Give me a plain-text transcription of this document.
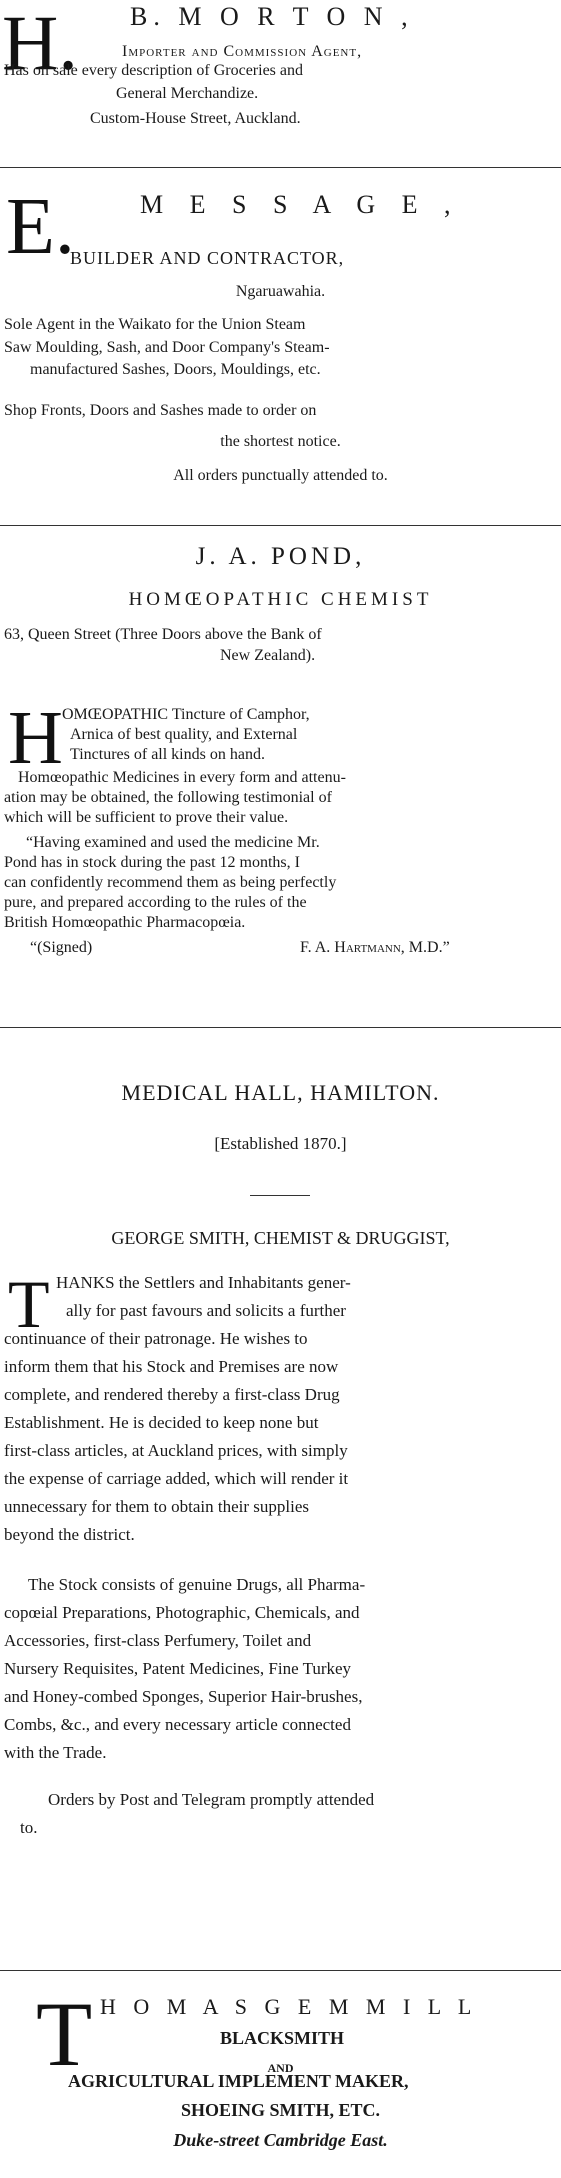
H. B. M O R T O N ,
Importer and Commission Agent,
Has on sale every description of Groceries and
General Merchandize.
Custom-House Street, Auckland.
E.	M E S S A G E ,
BUILDER AND CONTRACTOR,
Ngaruawahia.
Sole Agent in the Waikato for the Union Steam
Saw Moulding, Sash, and Door Company's Steam-
manufactured Sashes, Doors, Mouldings, etc.
Shop Fronts, Doors and Sashes made to order on
the shortest notice.
All orders punctually attended to.
J. A. POND,
HOMŒOPATHIC CHEMIST
63, Queen Street (Three Doors above the Bank of
New Zealand).
H OMŒOPATHIC Tincture of Camphor,
Arnica of best quality, and External
Tinctures of all kinds on hand.
Homœopathic Medicines in every form and attenu-
ation may be obtained, the following testimonial of
which will be sufficient to prove their value.
“Having examined and used the medicine Mr.
Pond has in stock during the past 12 months, I
can confidently recommend them as being perfectly
pure, and prepared according to the rules of the
British Homœopathic Pharmacopœia.
“(Signed)	F. A. Hartmann, M.D.”
MEDICAL HALL, HAMILTON.
[Established 1870.]
GEORGE SMITH, CHEMIST & DRUGGIST,
T HANKS the Settlers and Inhabitants gener-
ally for past favours and solicits a further
continuance of their patronage. He wishes to
inform them that his Stock and Premises are now
complete, and rendered thereby a first-class Drug
Establishment. He is decided to keep none but
first-class articles, at Auckland prices, with simply
the expense of carriage added, which will render it
unnecessary for them to obtain their supplies
beyond the district.
The Stock consists of genuine Drugs, all Pharma-
copœial Preparations, Photographic, Chemicals, and
Accessories, first-class Perfumery, Toilet and
Nursery Requisites, Patent Medicines, Fine Turkey
and Honey-combed Sponges, Superior Hair-brushes,
Combs, &c., and every necessary article connected
with the Trade.
Orders by Post and Telegram promptly attended
to.
T H O M A S G E M M I L L
BLACKSMITH
AND
AGRICULTURAL IMPLEMENT MAKER,
SHOEING SMITH, ETC.
Duke-street Cambridge East.
